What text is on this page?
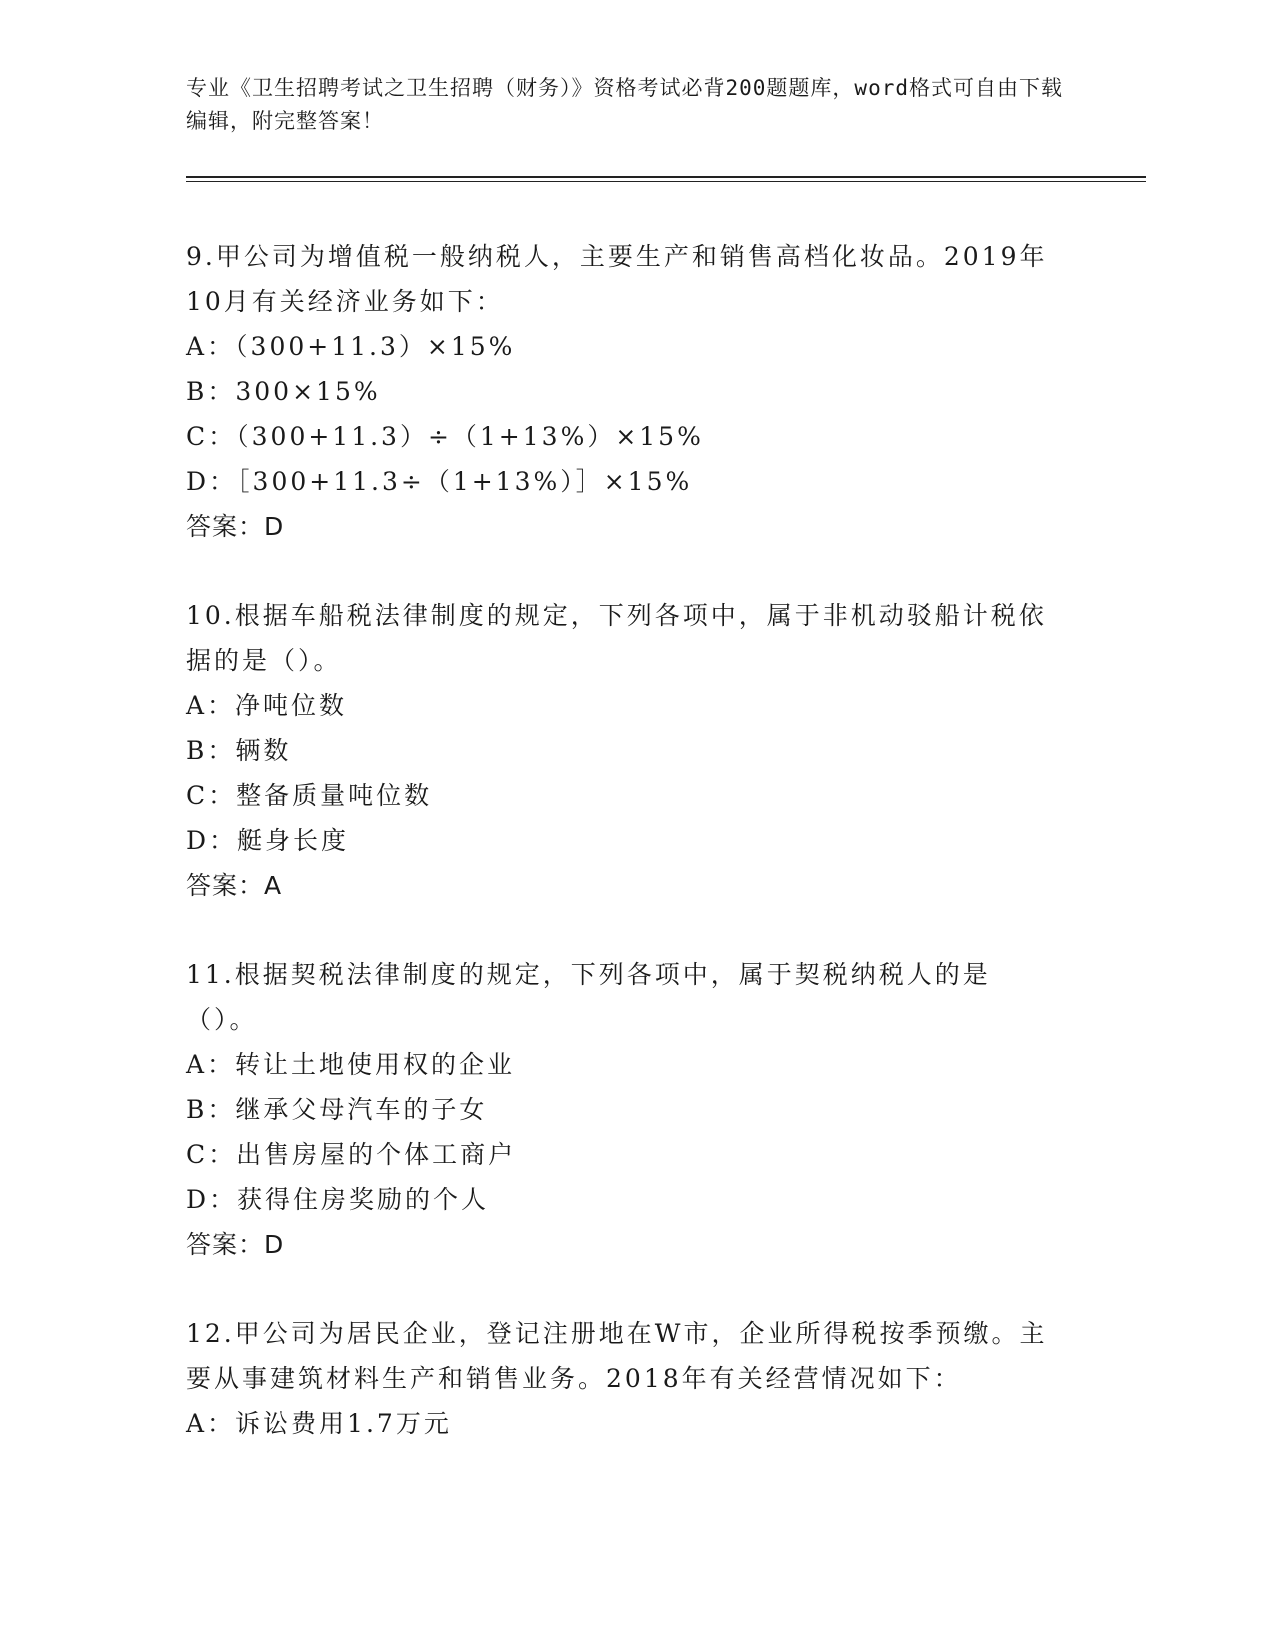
专业《卫生招聘考试之卫生招聘（财务）》资格考试必背200题题库，word格式可自由下载编辑，附完整答案！

9.甲公司为增值税一般纳税人，主要生产和销售高档化妆品。2019年10月有关经济业务如下：

A：（300+11.3）×15%

B：300×15%

C：（300+11.3）÷（1+13%）×15%

D：［300+11.3÷（1+13%）］×15%

答案：D

10.根据车船税法律制度的规定，下列各项中，属于非机动驳船计税依据的是（）。

A：净吨位数

B：辆数

C：整备质量吨位数

D：艇身长度

答案：A

11.根据契税法律制度的规定，下列各项中，属于契税纳税人的是（）。

A：转让土地使用权的企业

B：继承父母汽车的子女

C：出售房屋的个体工商户

D：获得住房奖励的个人

答案：D

12.甲公司为居民企业，登记注册地在W市，企业所得税按季预缴。主要从事建筑材料生产和销售业务。2018年有关经营情况如下：

A：诉讼费用1.7万元
